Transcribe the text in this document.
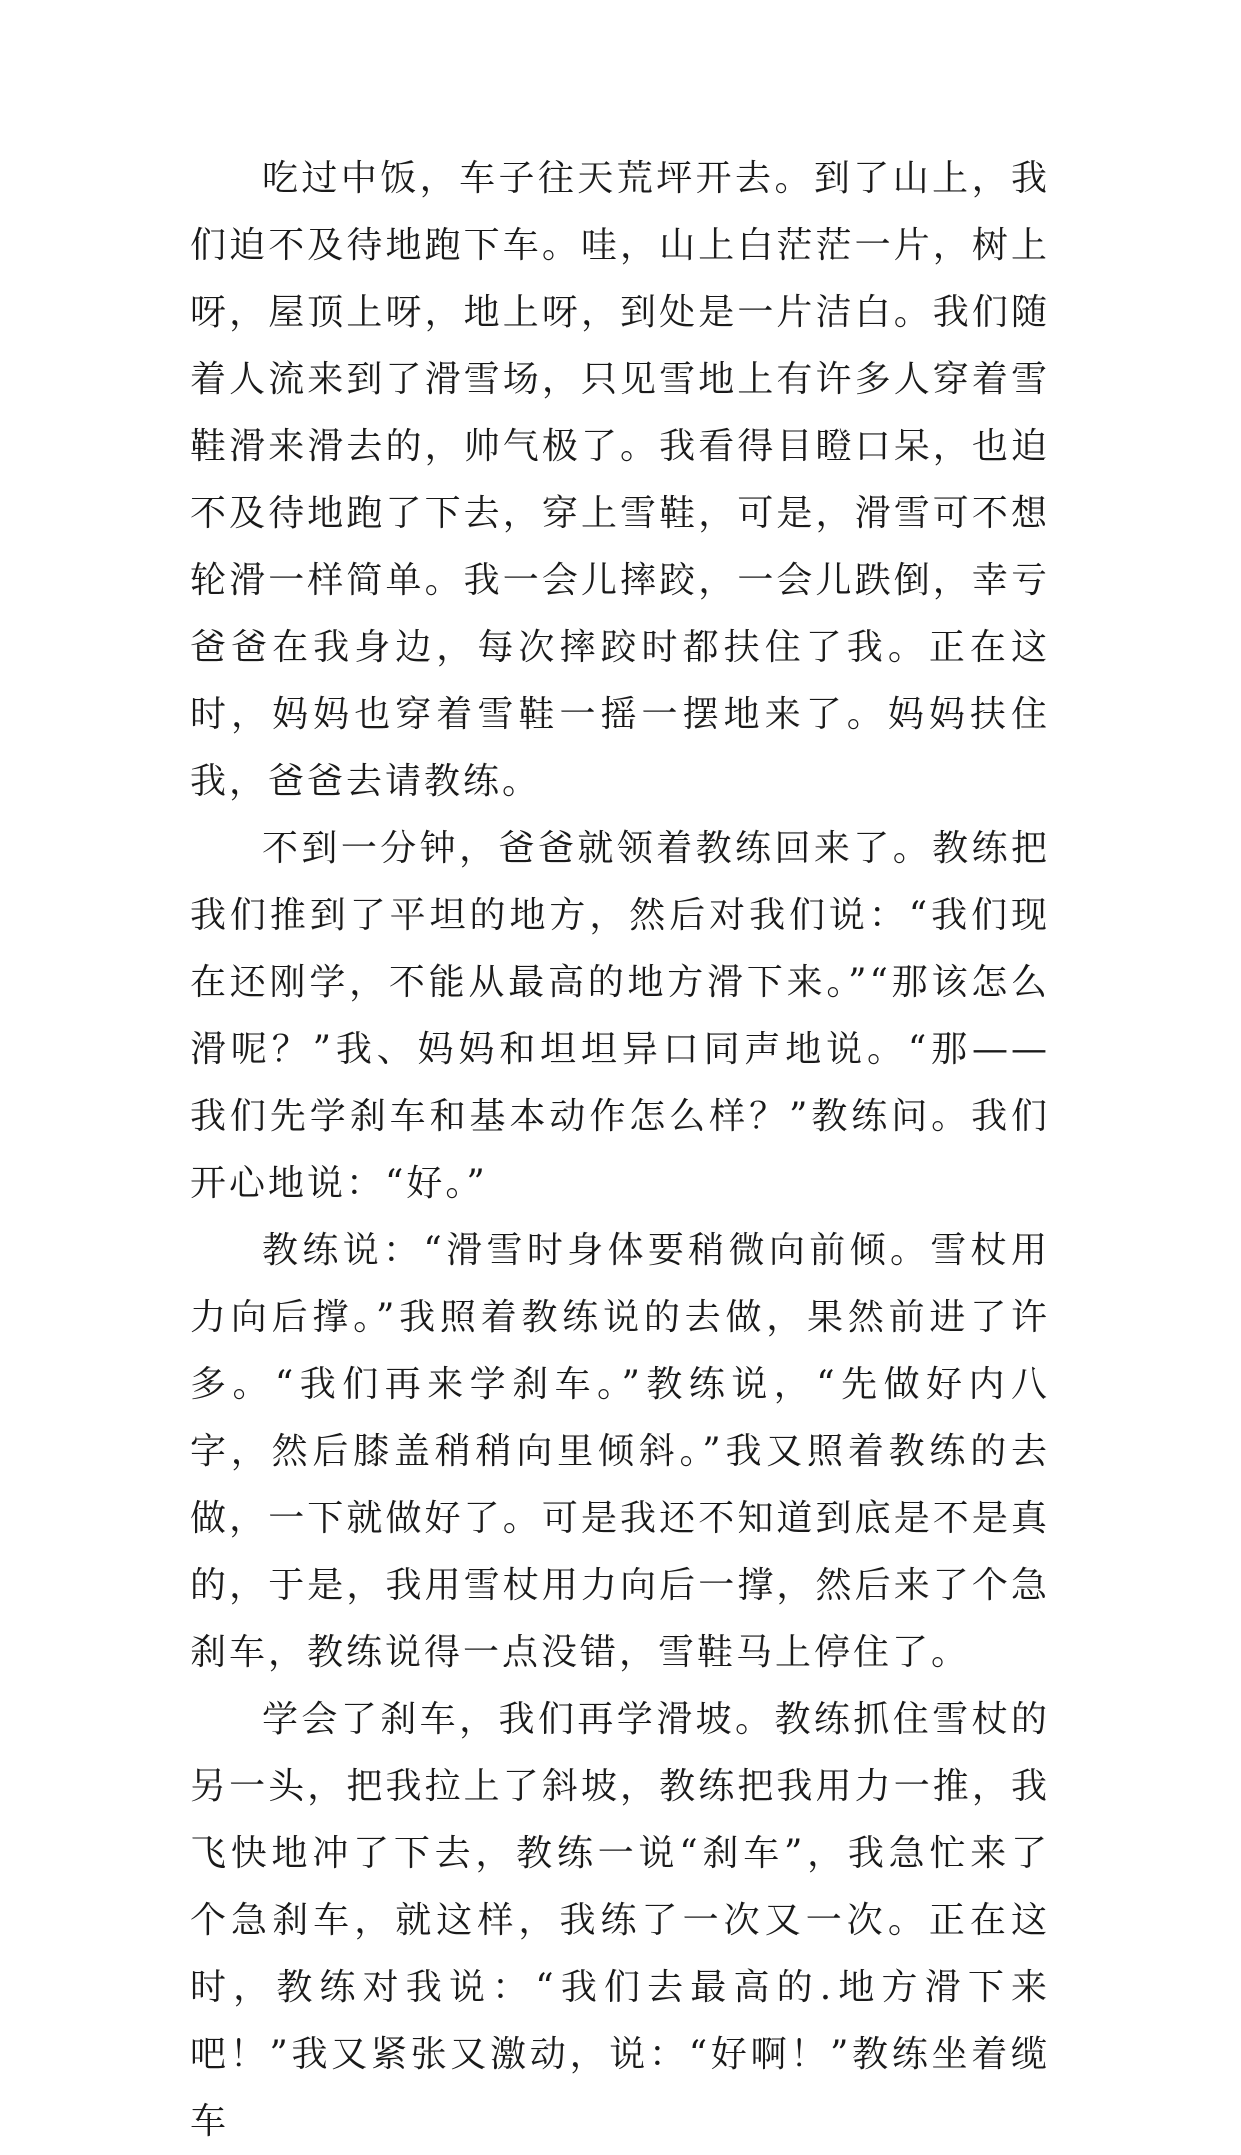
吃过中饭，车子往天荒坪开去。到了山上，我们迫不及待地跑下车。哇，山上白茫茫一片，树上呀，屋顶上呀，地上呀，到处是一片洁白。我们随着人流来到了滑雪场，只见雪地上有许多人穿着雪鞋滑来滑去的，帅气极了。我看得目瞪口呆，也迫不及待地跑了下去，穿上雪鞋，可是，滑雪可不想轮滑一样简单。我一会儿摔跤，一会儿跌倒，幸亏爸爸在我身边，每次摔跤时都扶住了我。正在这时，妈妈也穿着雪鞋一摇一摆地来了。妈妈扶住我，爸爸去请教练。

不到一分钟，爸爸就领着教练回来了。教练把我们推到了平坦的地方，然后对我们说：“我们现在还刚学，不能从最高的地方滑下来。”“那该怎么滑呢？”我、妈妈和坦坦异口同声地说。“那——我们先学刹车和基本动作怎么样？”教练问。我们开心地说：“好。”

教练说：“滑雪时身体要稍微向前倾。雪杖用力向后撑。”我照着教练说的去做，果然前进了许多。“我们再来学刹车。”教练说，“先做好内八字，然后膝盖稍稍向里倾斜。”我又照着教练的去做，一下就做好了。可是我还不知道到底是不是真的，于是，我用雪杖用力向后一撑，然后来了个急刹车，教练说得一点没错，雪鞋马上停住了。

学会了刹车，我们再学滑坡。教练抓住雪杖的另一头，把我拉上了斜坡，教练把我用力一推，我飞快地冲了下去，教练一说“刹车”，我急忙来了个急刹车，就这样，我练了一次又一次。正在这时，教练对我说：“我们去最高的.地方滑下来吧！”我又紧张又激动，说：“好啊！”教练坐着缆车
